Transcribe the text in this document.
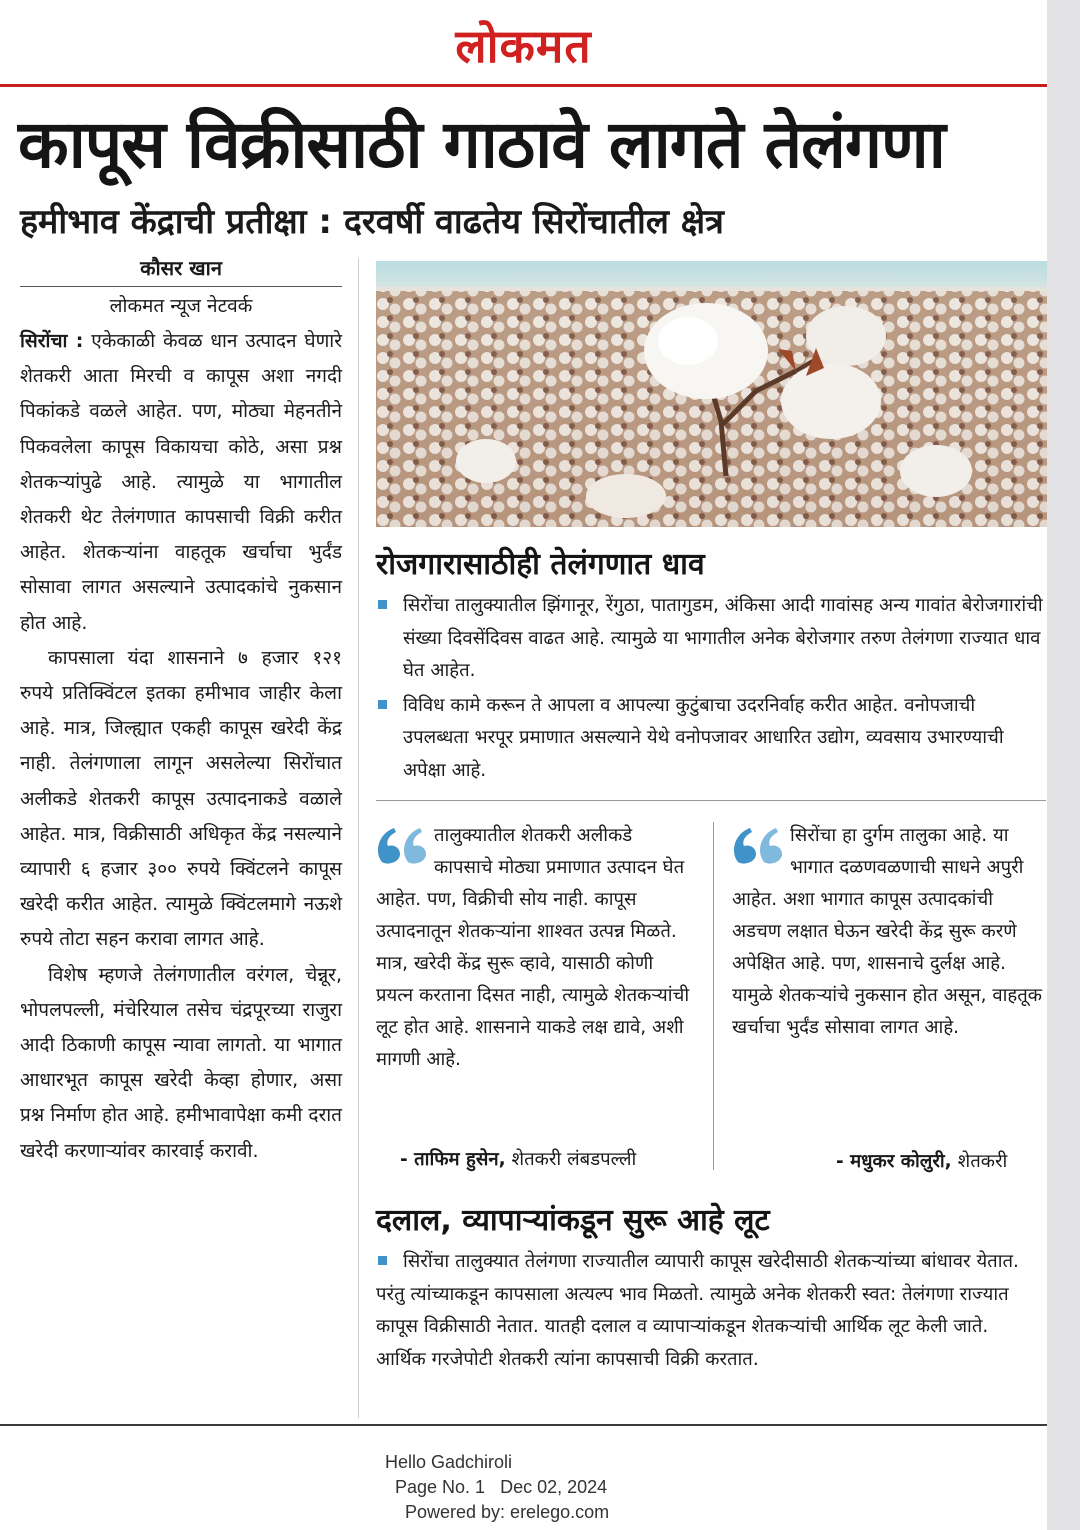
लोकमत
कापूस विक्रीसाठी गाठावे लागते तेलंगणा
हमीभाव केंद्राची प्रतीक्षा : दरवर्षी वाढतेय सिरोंचातील क्षेत्र
कौसर खान
लोकमत न्यूज नेटवर्क

सिरोंचा : एकेकाळी केवळ धान उत्पादन घेणारे शेतकरी आता मिरची व कापूस अशा नगदी पिकांकडे वळले आहेत. पण, मोठ्या मेहनतीने पिकवलेला कापूस विकायचा कोठे, असा प्रश्न शेतकऱ्यांपुढे आहे. त्यामुळे या भागातील शेतकरी थेट तेलंगणात कापसाची विक्री करीत आहेत. शेतकऱ्यांना वाहतूक खर्चाचा भुर्दंड सोसावा लागत असल्याने उत्पादकांचे नुकसान होत आहे.

कापसाला यंदा शासनाने ७ हजार १२१ रुपये प्रतिक्विंटल इतका हमीभाव जाहीर केला आहे. मात्र, जिल्ह्यात एकही कापूस खरेदी केंद्र नाही. तेलंगणाला लागून असलेल्या सिरोंचात अलीकडे शेतकरी कापूस उत्पादनाकडे वळाले आहेत. मात्र, विक्रीसाठी अधिकृत केंद्र नसल्याने व्यापारी ६ हजार ३०० रुपये क्विंटलने कापूस खरेदी करीत आहेत. त्यामुळे क्विंटलमागे नऊशे रुपये तोटा सहन करावा लागत आहे.

विशेष म्हणजे तेलंगणातील वरंगल, चेन्नूर, भोपलपल्ली, मंचेरियाल तसेच चंद्रपूरच्या राजुरा आदी ठिकाणी कापूस न्यावा लागतो. या भागात आधारभूत कापूस खरेदी केव्हा होणार, असा प्रश्न निर्माण होत आहे. हमीभावापेक्षा कमी दरात खरेदी करणाऱ्यांवर कारवाई करावी.

रोजगारासाठीही तेलंगणात धाव

सिरोंचा तालुक्यातील झिंगानूर, रेंगुठा, पातागुडम, अंकिसा आदी गावांसह अन्य गावांत बेरोजगारांची संख्या दिवसेंदिवस वाढत आहे. त्यामुळे या भागातील अनेक बेरोजगार तरुण तेलंगणा राज्यात धाव घेत आहेत.

विविध कामे करून ते आपला व आपल्या कुटुंबाचा उदरनिर्वाह करीत आहेत. वनोपजाची उपलब्धता भरपूर प्रमाणात असल्याने येथे वनोपजावर आधारित उद्योग, व्यवसाय उभारण्याची अपेक्षा आहे.

तालुक्यातील शेतकरी अलीकडे कापसाचे मोठ्या प्रमाणात उत्पादन घेत आहेत. पण, विक्रीची सोय नाही. कापूस उत्पादनातून शेतकऱ्यांना शाश्वत उत्पन्न मिळते. मात्र, खरेदी केंद्र सुरू व्हावे, यासाठी कोणी प्रयत्न करताना दिसत नाही, त्यामुळे शेतकऱ्यांची लूट होत आहे. शासनाने याकडे लक्ष द्यावे, अशी मागणी आहे.
- ताफिम हुसेन, शेतकरी लंबडपल्ली
सिरोंचा हा दुर्गम तालुका आहे. या भागात दळणवळणाची साधने अपुरी आहेत. अशा भागात कापूस उत्पादकांची अडचण लक्षात घेऊन खरेदी केंद्र सुरू करणे अपेक्षित आहे. पण, शासनाचे दुर्लक्ष आहे. यामुळे शेतकऱ्यांचे नुकसान होत असून, वाहतूक खर्चाचा भुर्दंड सोसावा लागत आहे.
- मधुकर कोलुरी, शेतकरी
दलाल, व्यापाऱ्यांकडून सुरू आहे लूट

सिरोंचा तालुक्यात तेलंगणा राज्यातील व्यापारी कापूस खरेदीसाठी शेतकऱ्यांच्या बांधावर येतात. परंतु त्यांच्याकडून कापसाला अत्यल्प भाव मिळतो. त्यामुळे अनेक शेतकरी स्वत: तेलंगणा राज्यात कापूस विक्रीसाठी नेतात. यातही दलाल व व्यापाऱ्यांकडून शेतकऱ्यांची आर्थिक लूट केली जाते. आर्थिक गरजेपोटी शेतकरी त्यांना कापसाची विक्री करतात.

Hello Gadchiroli
Page No. 1 Dec 02, 2024
Powered by: erelego.com
